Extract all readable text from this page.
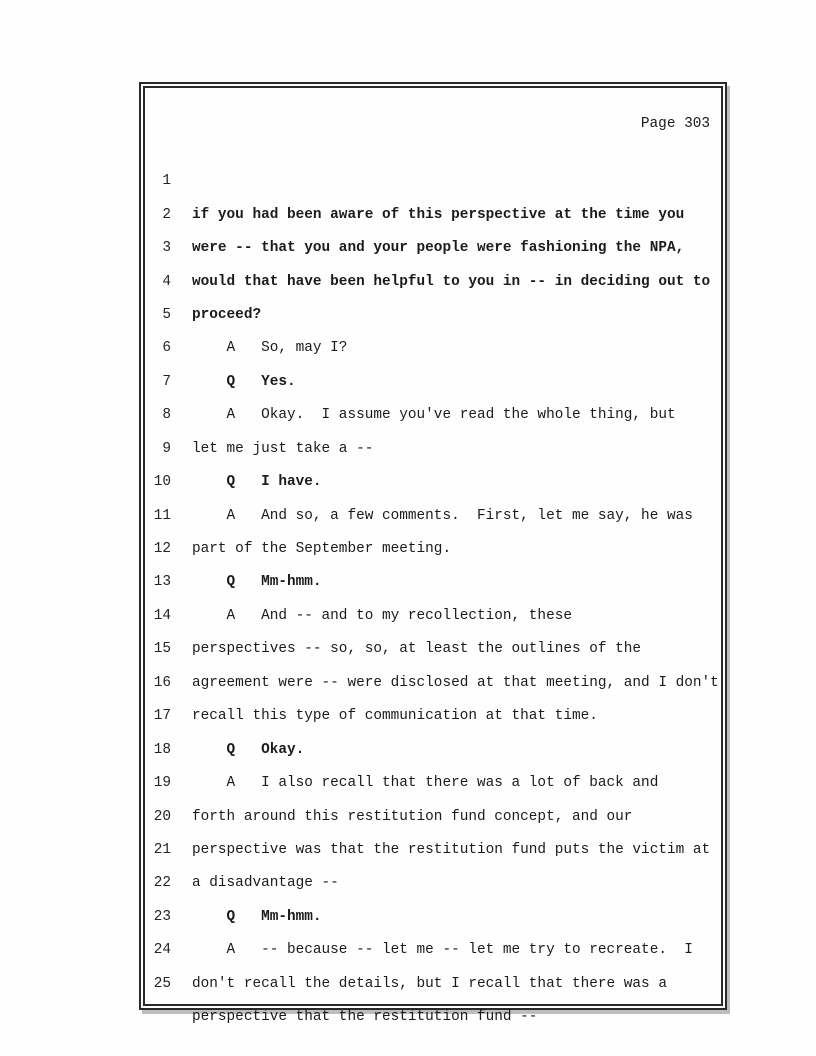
Page 303

1

if you had been aware of this perspective at the time you

2

were -- that you and your people were fashioning the NPA,

3

would that have been helpful to you in -- in deciding out to

4

proceed?

5

A   So, may I?

6

Q   Yes.

7

A   Okay.  I assume you've read the whole thing, but

8

let me just take a --

9

Q   I have.

10

A   And so, a few comments.  First, let me say, he was

11

part of the September meeting.

12

Q   Mm-hmm.

13

A   And -- and to my recollection, these

14

perspectives -- so, so, at least the outlines of the

15

agreement were -- were disclosed at that meeting, and I don't

16

recall this type of communication at that time.

17

Q   Okay.

18

A   I also recall that there was a lot of back and

19

forth around this restitution fund concept, and our

20

perspective was that the restitution fund puts the victim at

21

a disadvantage --

22

Q   Mm-hmm.

23

A   -- because -- let me -- let me try to recreate.  I

24

don't recall the details, but I recall that there was a

25

perspective that the restitution fund --
